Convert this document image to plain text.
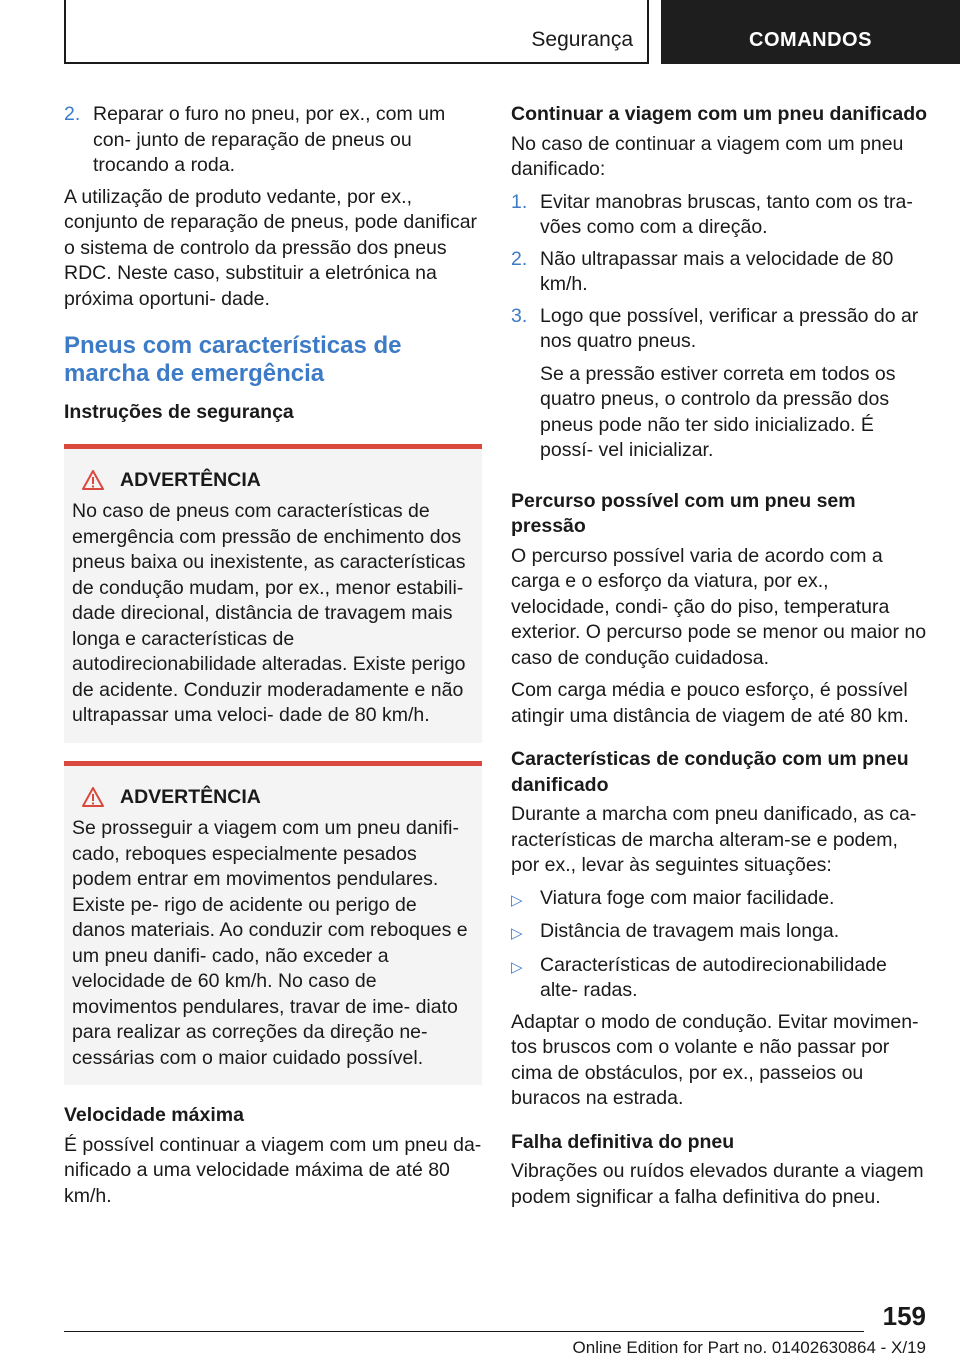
Segurança	COMANDOS
2. Reparar o furo no pneu, por ex., com um con‐ junto de reparação de pneus ou trocando a roda.

A utilização de produto vedante, por ex., conjunto de reparação de pneus, pode danificar o sistema de controlo da pressão dos pneus RDC. Neste caso, substituir a eletrónica na próxima oportuni‐ dade.

Pneus com características de marcha de emergência
Instruções de segurança
ADVERTÊNCIA
No caso de pneus com características de emergência com pressão de enchimento dos pneus baixa ou inexistente, as características de condução mudam, por ex., menor estabili‐ dade direcional, distância de travagem mais longa e características de autodirecionabilidade alteradas. Existe perigo de acidente. Conduzir moderadamente e não ultrapassar uma veloci‐ dade de 80 km/h.
ADVERTÊNCIA
Se prosseguir a viagem com um pneu danifi‐ cado, reboques especialmente pesados podem entrar em movimentos pendulares. Existe pe‐ rigo de acidente ou perigo de danos materiais. Ao conduzir com reboques e um pneu danifi‐ cado, não exceder a velocidade de 60 km/h. No caso de movimentos pendulares, travar de ime‐ diato para realizar as correções da direção ne‐ cessárias com o maior cuidado possível.
Velocidade máxima

É possível continuar a viagem com um pneu da‐ nificado a uma velocidade máxima de até 80 km/h.

Continuar a viagem com um pneu danificado

No caso de continuar a viagem com um pneu danificado:

1. Evitar manobras bruscas, tanto com os tra‐ vões como com a direção.
2. Não ultrapassar mais a velocidade de 80 km/h.
3. Logo que possível, verificar a pressão do ar nos quatro pneus.

Se a pressão estiver correta em todos os quatro pneus, o controlo da pressão dos pneus pode não ter sido inicializado. É possí‐ vel inicializar.

Percurso possível com um pneu sem pressão

O percurso possível varia de acordo com a carga e o esforço da viatura, por ex., velocidade, condi‐ ção do piso, temperatura exterior. O percurso pode se menor ou maior no caso de condução cuidadosa.

Com carga média e pouco esforço, é possível atingir uma distância de viagem de até 80 km.

Características de condução com um pneu danificado

Durante a marcha com pneu danificado, as ca‐ racterísticas de marcha alteram-se e podem, por ex., levar às seguintes situações:

▷ Viatura foge com maior facilidade.
▷ Distância de travagem mais longa.
▷ Características de autodirecionabilidade alte‐ radas.

Adaptar o modo de condução. Evitar movimen‐ tos bruscos com o volante e não passar por cima de obstáculos, por ex., passeios ou buracos na estrada.

Falha definitiva do pneu

Vibrações ou ruídos elevados durante a viagem podem significar a falha definitiva do pneu.

159
Online Edition for Part no. 01402630864 - X/19
